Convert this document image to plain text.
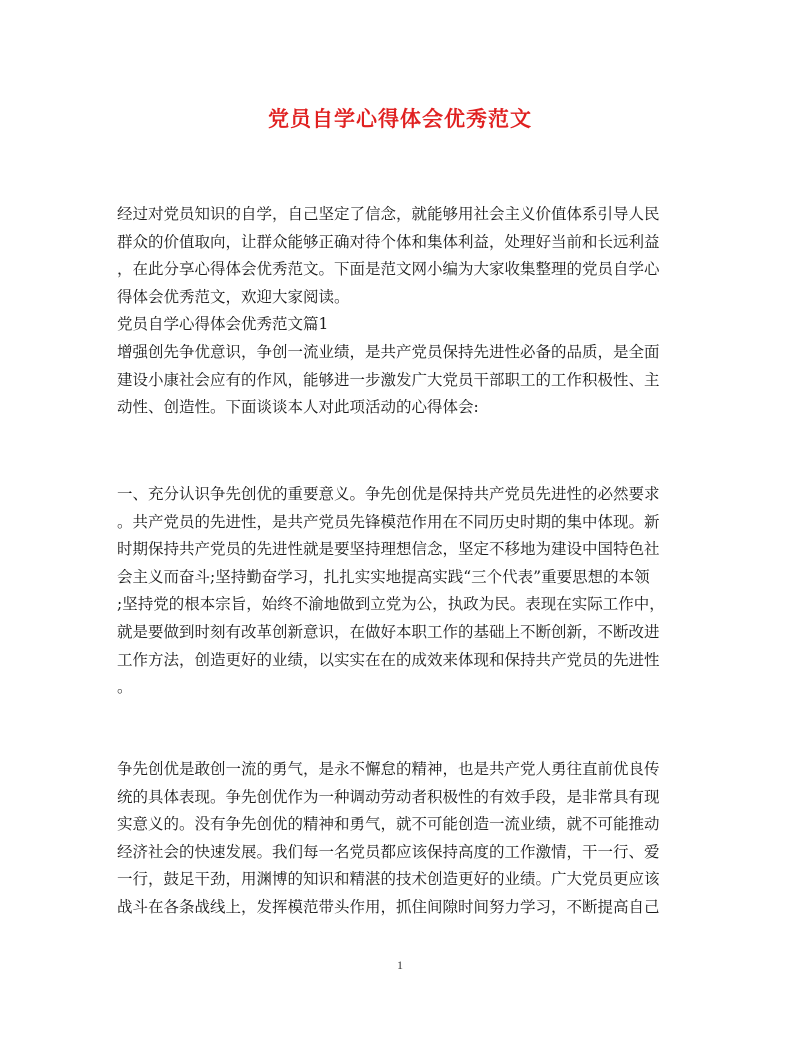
党员自学心得体会优秀范文

经过对党员知识的自学，自己坚定了信念，就能够用社会主义价值体系引导人民
群众的价值取向，让群众能够正确对待个体和集体利益，处理好当前和长远利益
，在此分享心得体会优秀范文。下面是范文网小编为大家收集整理的党员自学心
得体会优秀范文，欢迎大家阅读。

党员自学心得体会优秀范文篇1

增强创先争优意识，争创一流业绩，是共产党员保持先进性必备的品质，是全面
建设小康社会应有的作风，能够进一步激发广大党员干部职工的工作积极性、主
动性、创造性。下面谈谈本人对此项活动的心得体会:

一、充分认识争先创优的重要意义。争先创优是保持共产党员先进性的必然要求
。共产党员的先进性，是共产党员先锋模范作用在不同历史时期的集中体现。新
时期保持共产党员的先进性就是要坚持理想信念，坚定不移地为建设中国特色社
会主义而奋斗;坚持勤奋学习，扎扎实实地提高实践“三个代表”重要思想的本领
;坚持党的根本宗旨，始终不渝地做到立党为公，执政为民。表现在实际工作中，
就是要做到时刻有改革创新意识，在做好本职工作的基础上不断创新，不断改进
工作方法，创造更好的业绩，以实实在在的成效来体现和保持共产党员的先进性
。

争先创优是敢创一流的勇气，是永不懈怠的精神，也是共产党人勇往直前优良传
统的具体表现。争先创优作为一种调动劳动者积极性的有效手段，是非常具有现
实意义的。没有争先创优的精神和勇气，就不可能创造一流业绩，就不可能推动
经济社会的快速发展。我们每一名党员都应该保持高度的工作激情，干一行、爱
一行，鼓足干劲，用渊博的知识和精湛的技术创造更好的业绩。广大党员更应该
战斗在各条战线上，发挥模范带头作用，抓住间隙时间努力学习，不断提高自己

1
